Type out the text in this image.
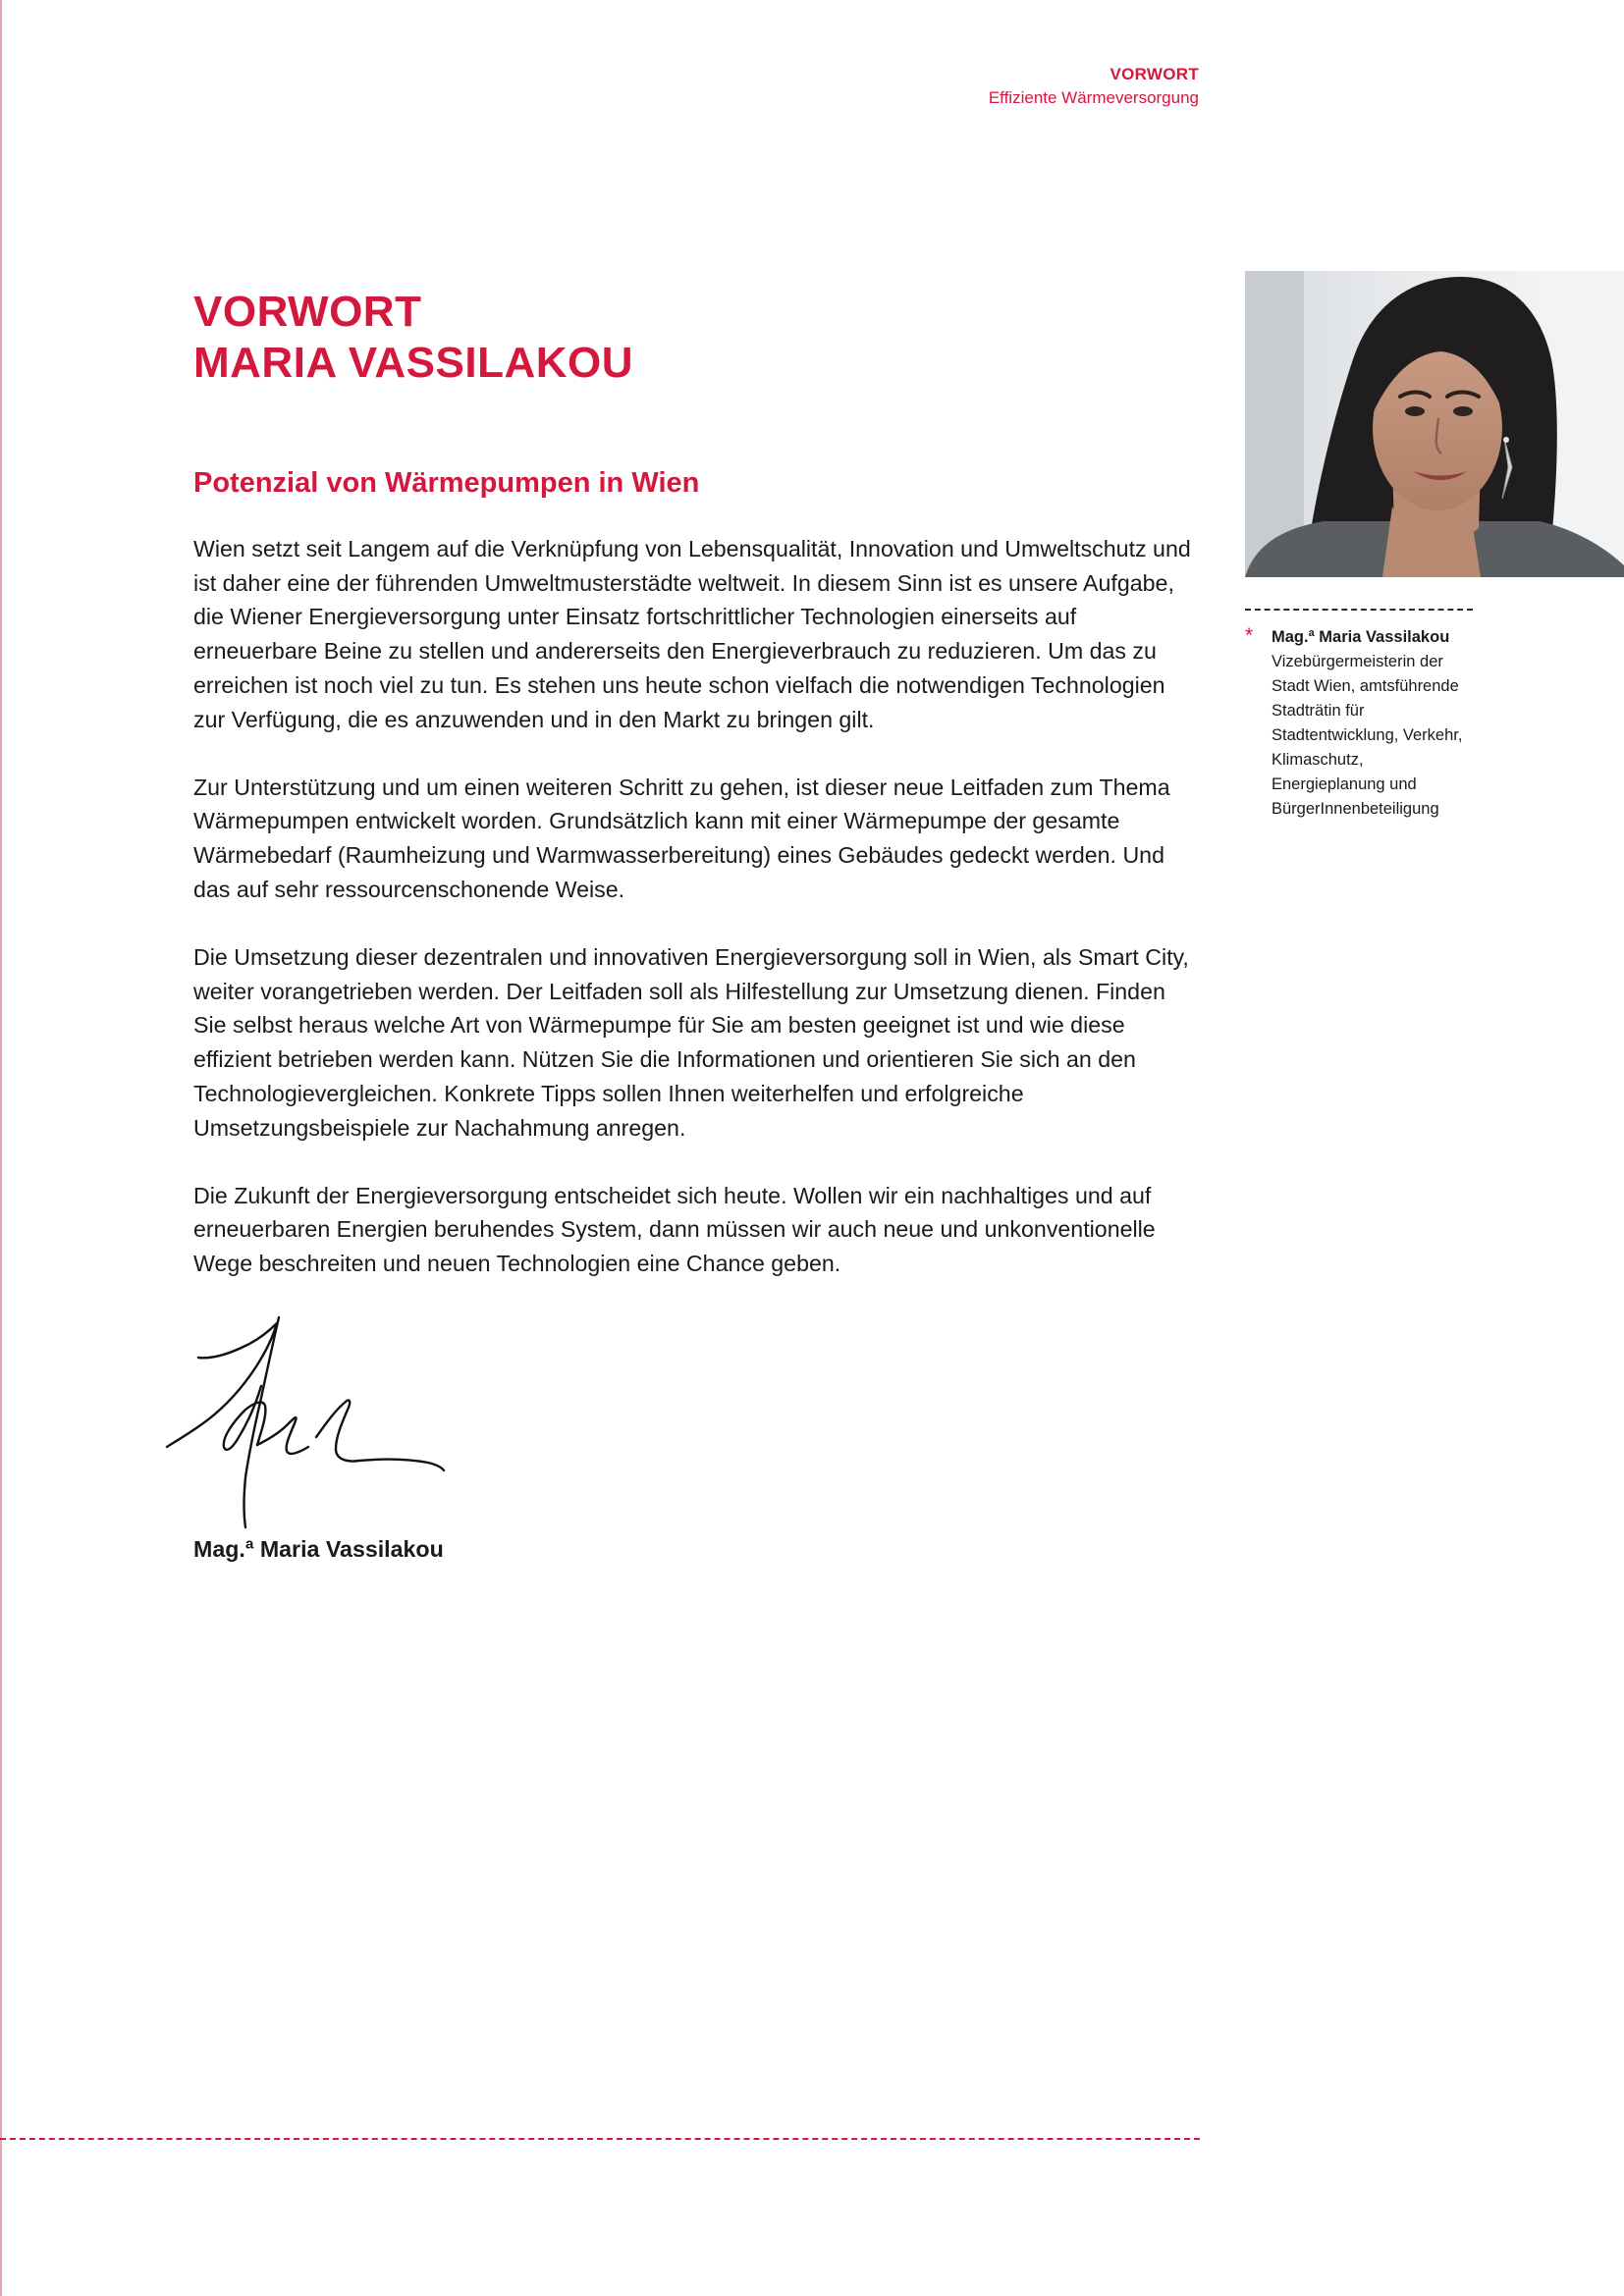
VORWORT
Effiziente Wärmeversorgung
VORWORT
MARIA VASSILAKOU
Potenzial von Wärmepumpen in Wien

Wien setzt seit Langem auf die Verknüpfung von Lebensqualität, Innovation und Umweltschutz und ist daher eine der führenden Umweltmusterstädte weltweit. In diesem Sinn ist es unsere Aufgabe, die Wiener Energieversorgung unter Einsatz fortschrittlicher Technologien einerseits auf erneuerbare Beine zu stellen und andererseits den Energieverbrauch zu reduzieren. Um das zu erreichen ist noch viel zu tun. Es stehen uns heute schon vielfach die notwendigen Technologien zur Verfügung, die es anzuwenden und in den Markt zu bringen gilt.

Zur Unterstützung und um einen weiteren Schritt zu gehen, ist dieser neue Leitfaden zum Thema Wärmepumpen entwickelt worden. Grundsätzlich kann mit einer Wärmepumpe der gesamte Wärmebedarf (Raumheizung und Warmwasserbereitung) eines Gebäudes gedeckt werden. Und das auf sehr ressourcenschonende Weise.

Die Umsetzung dieser dezentralen und innovativen Energieversorgung soll in Wien, als Smart City, weiter vorangetrieben werden. Der Leitfaden soll als Hilfestellung zur Umsetzung dienen. Finden Sie selbst heraus welche Art von Wärmepumpe für Sie am besten geeignet ist und wie diese effizient betrieben werden kann. Nützen Sie die Informationen und orientieren Sie sich an den Technologievergleichen. Konkrete Tipps sollen Ihnen weiterhelfen und erfolgreiche Umsetzungsbeispiele zur Nachahmung anregen.

Die Zukunft der Energieversorgung entscheidet sich heute. Wollen wir ein nachhaltiges und auf erneuerbaren Energien beruhendes System, dann müssen wir auch neue und unkonventionelle Wege beschreiten und neuen Technologien eine Chance geben.

Mag.ª Maria Vassilakou
* Mag.ª Maria Vassilakou
Vizebürgermeisterin der Stadt Wien, amtsführende Stadträtin für Stadtentwicklung, Verkehr, Klimaschutz, Energieplanung und BürgerInnenbeteiligung
